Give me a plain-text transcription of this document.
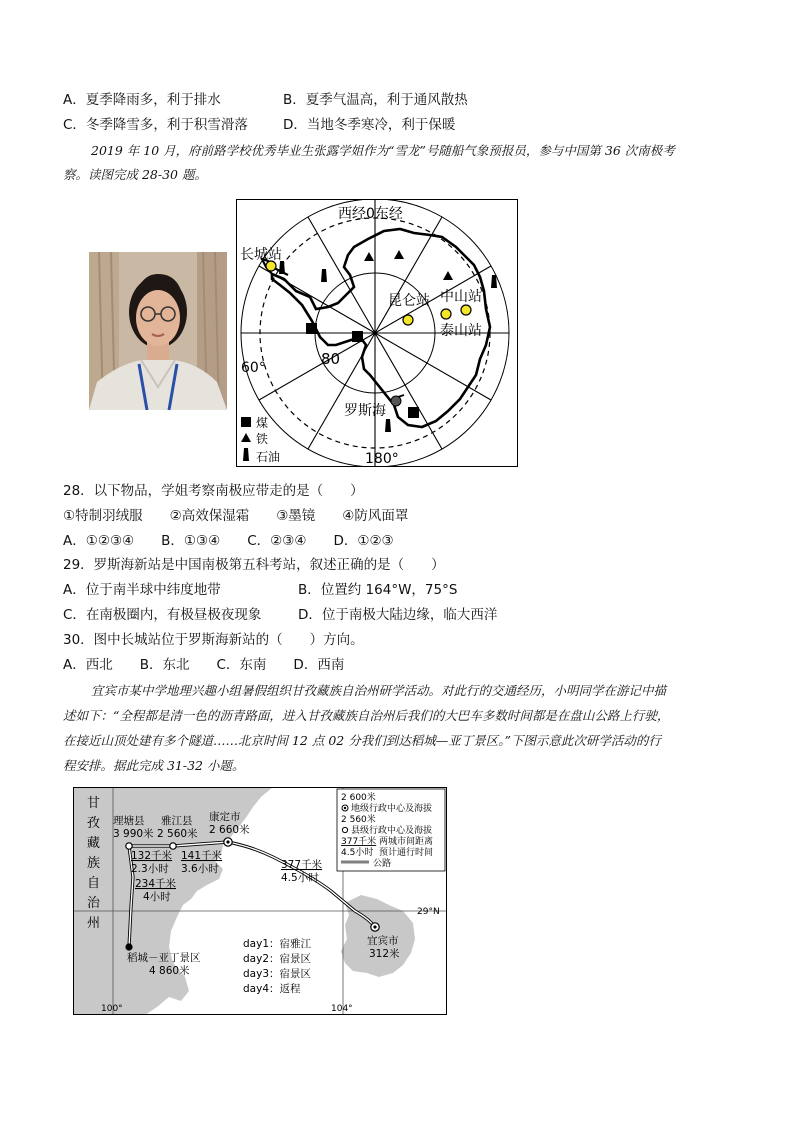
A．夏季降雨多，利于排水	B．夏季气温高，利于通风散热
C．冬季降雪多，利于积雪滑落	D．当地冬季寒冷，利于保暖
2019 年 10 月，府前路学校优秀毕业生张露学姐作为“雪龙”号随船气象预报员，参与中国第 36 次南极考
察。读图完成 28-30 题。
西经0东经
180°
80
60°
长城站
昆仑站 中山站
泰山站
罗斯海
煤
铁
石油
28．以下物品，学姐考察南极应带走的是（　　）
①特制羽绒服　　②高效保湿霜　　③墨镜　　④防风面罩
A．①②③④　　B．①③④　　C．②③④　　D．①②③
29．罗斯海新站是中国南极第五科考站，叙述正确的是（　　）
A．位于南半球中纬度地带	B．位置约 164°W，75°S
C．在南极圈内，有极昼极夜现象	D．位于南极大陆边缘，临大西洋
30．图中长城站位于罗斯海新站的（　　）方向。
A．西北　　B．东北　　C．东南　　D．西南
宜宾市某中学地理兴趣小组暑假组织甘孜藏族自治州研学活动。对此行的交通经历，小明同学在游记中描
述如下：“全程都是清一色的沥青路面，进入甘孜藏族自治州后我们的大巴车多数时间都是在盘山公路上行驶，
在接近山顶处建有多个隧道……北京时间 12 点 02 分我们到达稻城—亚丁景区。”下图示意此次研学活动的行
程安排。据此完成 31-32 小题。
甘
孜
藏
族
自
治
州
理塘县
3 990米
雅江县
2 560米
康定市
2 660米
132千米
2.3小时
141千米
3.6小时
234千米
4小时
377千米
4.5小时
稻城－亚丁景区
4 860米
宜宾市
312米
29°N
100°	104°
day1：宿雅江
day2：宿景区
day3：宿景区
day4：返程
2 600米
地级行政中心及海拔
2 560米
县级行政中心及海拔
377千米 两城市间距离
4.5小时 预计通行时间
公路
